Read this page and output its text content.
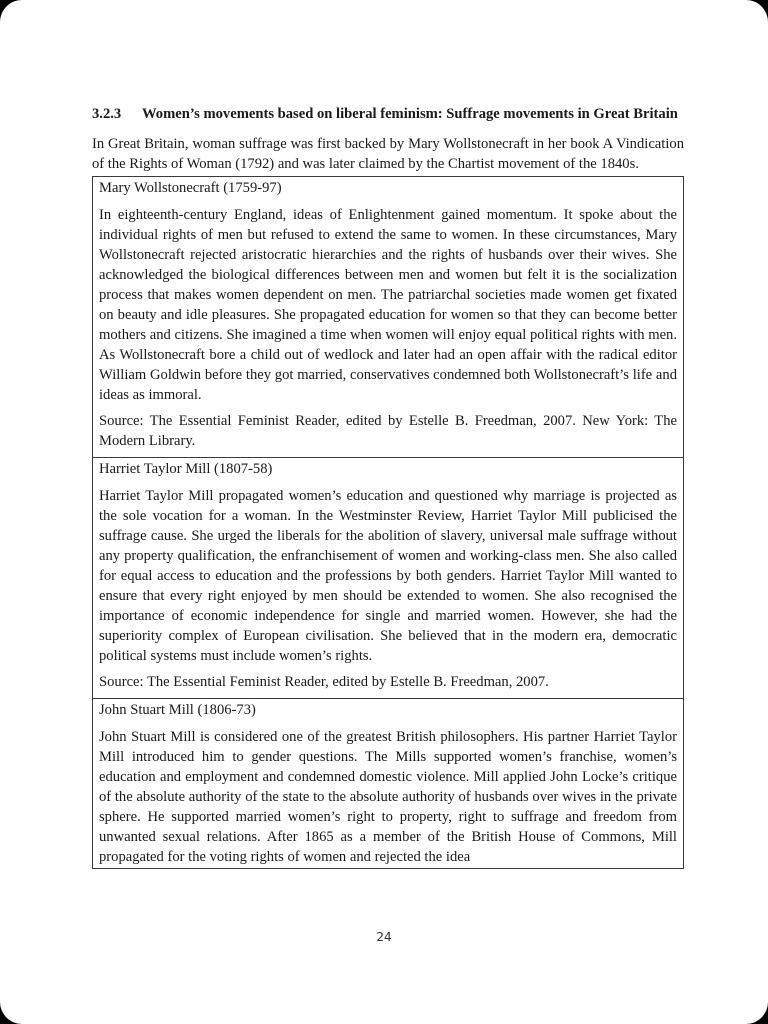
3.2.3	Women’s movements based on liberal feminism: Suffrage movements in Great Britain

In Great Britain, woman suffrage was first backed by Mary Wollstonecraft in her book A Vindication of the Rights of Woman (1792) and was later claimed by the Chartist movement of the 1840s.

Mary Wollstonecraft (1759-97)

In eighteenth-century England, ideas of Enlightenment gained momentum. It spoke about the individual rights of men but refused to extend the same to women. In these circumstances, Mary Wollstonecraft rejected aristocratic hierarchies and the rights of husbands over their wives. She acknowledged the biological differences between men and women but felt it is the socialization process that makes women dependent on men. The patriarchal societies made women get fixated on beauty and idle pleasures. She propagated education for women so that they can become better mothers and citizens. She imagined a time when women will enjoy equal political rights with men. As Wollstonecraft bore a child out of wedlock and later had an open affair with the radical editor William Goldwin before they got married, conservatives condemned both Wollstonecraft’s life and ideas as immoral.

Source: The Essential Feminist Reader, edited by Estelle B. Freedman, 2007. New York: The Modern Library.

Harriet Taylor Mill (1807-58)

Harriet Taylor Mill propagated women’s education and questioned why marriage is projected as the sole vocation for a woman. In the Westminster Review, Harriet Taylor Mill publicised the suffrage cause. She urged the liberals for the abolition of slavery, universal male suffrage without any property qualification, the enfranchisement of women and working-class men. She also called for equal access to education and the professions by both genders. Harriet Taylor Mill wanted to ensure that every right enjoyed by men should be extended to women. She also recognised the importance of economic independence for single and married women. However, she had the superiority complex of European civilisation. She believed that in the modern era, democratic political systems must include women’s rights.

Source: The Essential Feminist Reader, edited by Estelle B. Freedman, 2007.

John Stuart Mill (1806-73)

John Stuart Mill is considered one of the greatest British philosophers. His partner Harriet Taylor Mill introduced him to gender questions. The Mills supported women’s franchise, women’s education and employment and condemned domestic violence. Mill applied John Locke’s critique of the absolute authority of the state to the absolute authority of husbands over wives in the private sphere. He supported married women’s right to property, right to suffrage and freedom from unwanted sexual relations. After 1865 as a member of the British House of Commons, Mill propagated for the voting rights of women and rejected the idea

24
